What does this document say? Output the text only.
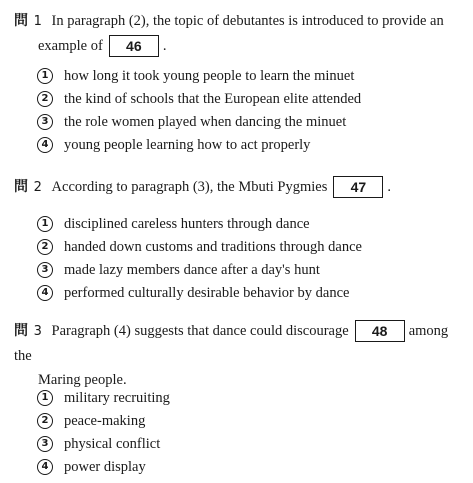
問 1 In paragraph (2), the topic of debutantes is introduced to provide an
example of 46 .
1 how long it took young people to learn the minuet
2 the kind of schools that the European elite attended
3 the role women played when dancing the minuet
4 young people learning how to act properly
問 2 According to paragraph (3), the Mbuti Pygmies 47 .
1 disciplined careless hunters through dance
2 handed down customs and traditions through dance
3 made lazy members dance after a day's hunt
4 performed culturally desirable behavior by dance
問 3 Paragraph (4) suggests that dance could discourage 48 among the
Maring people.
1 military recruiting
2 peace-making
3 physical conflict
4 power display
